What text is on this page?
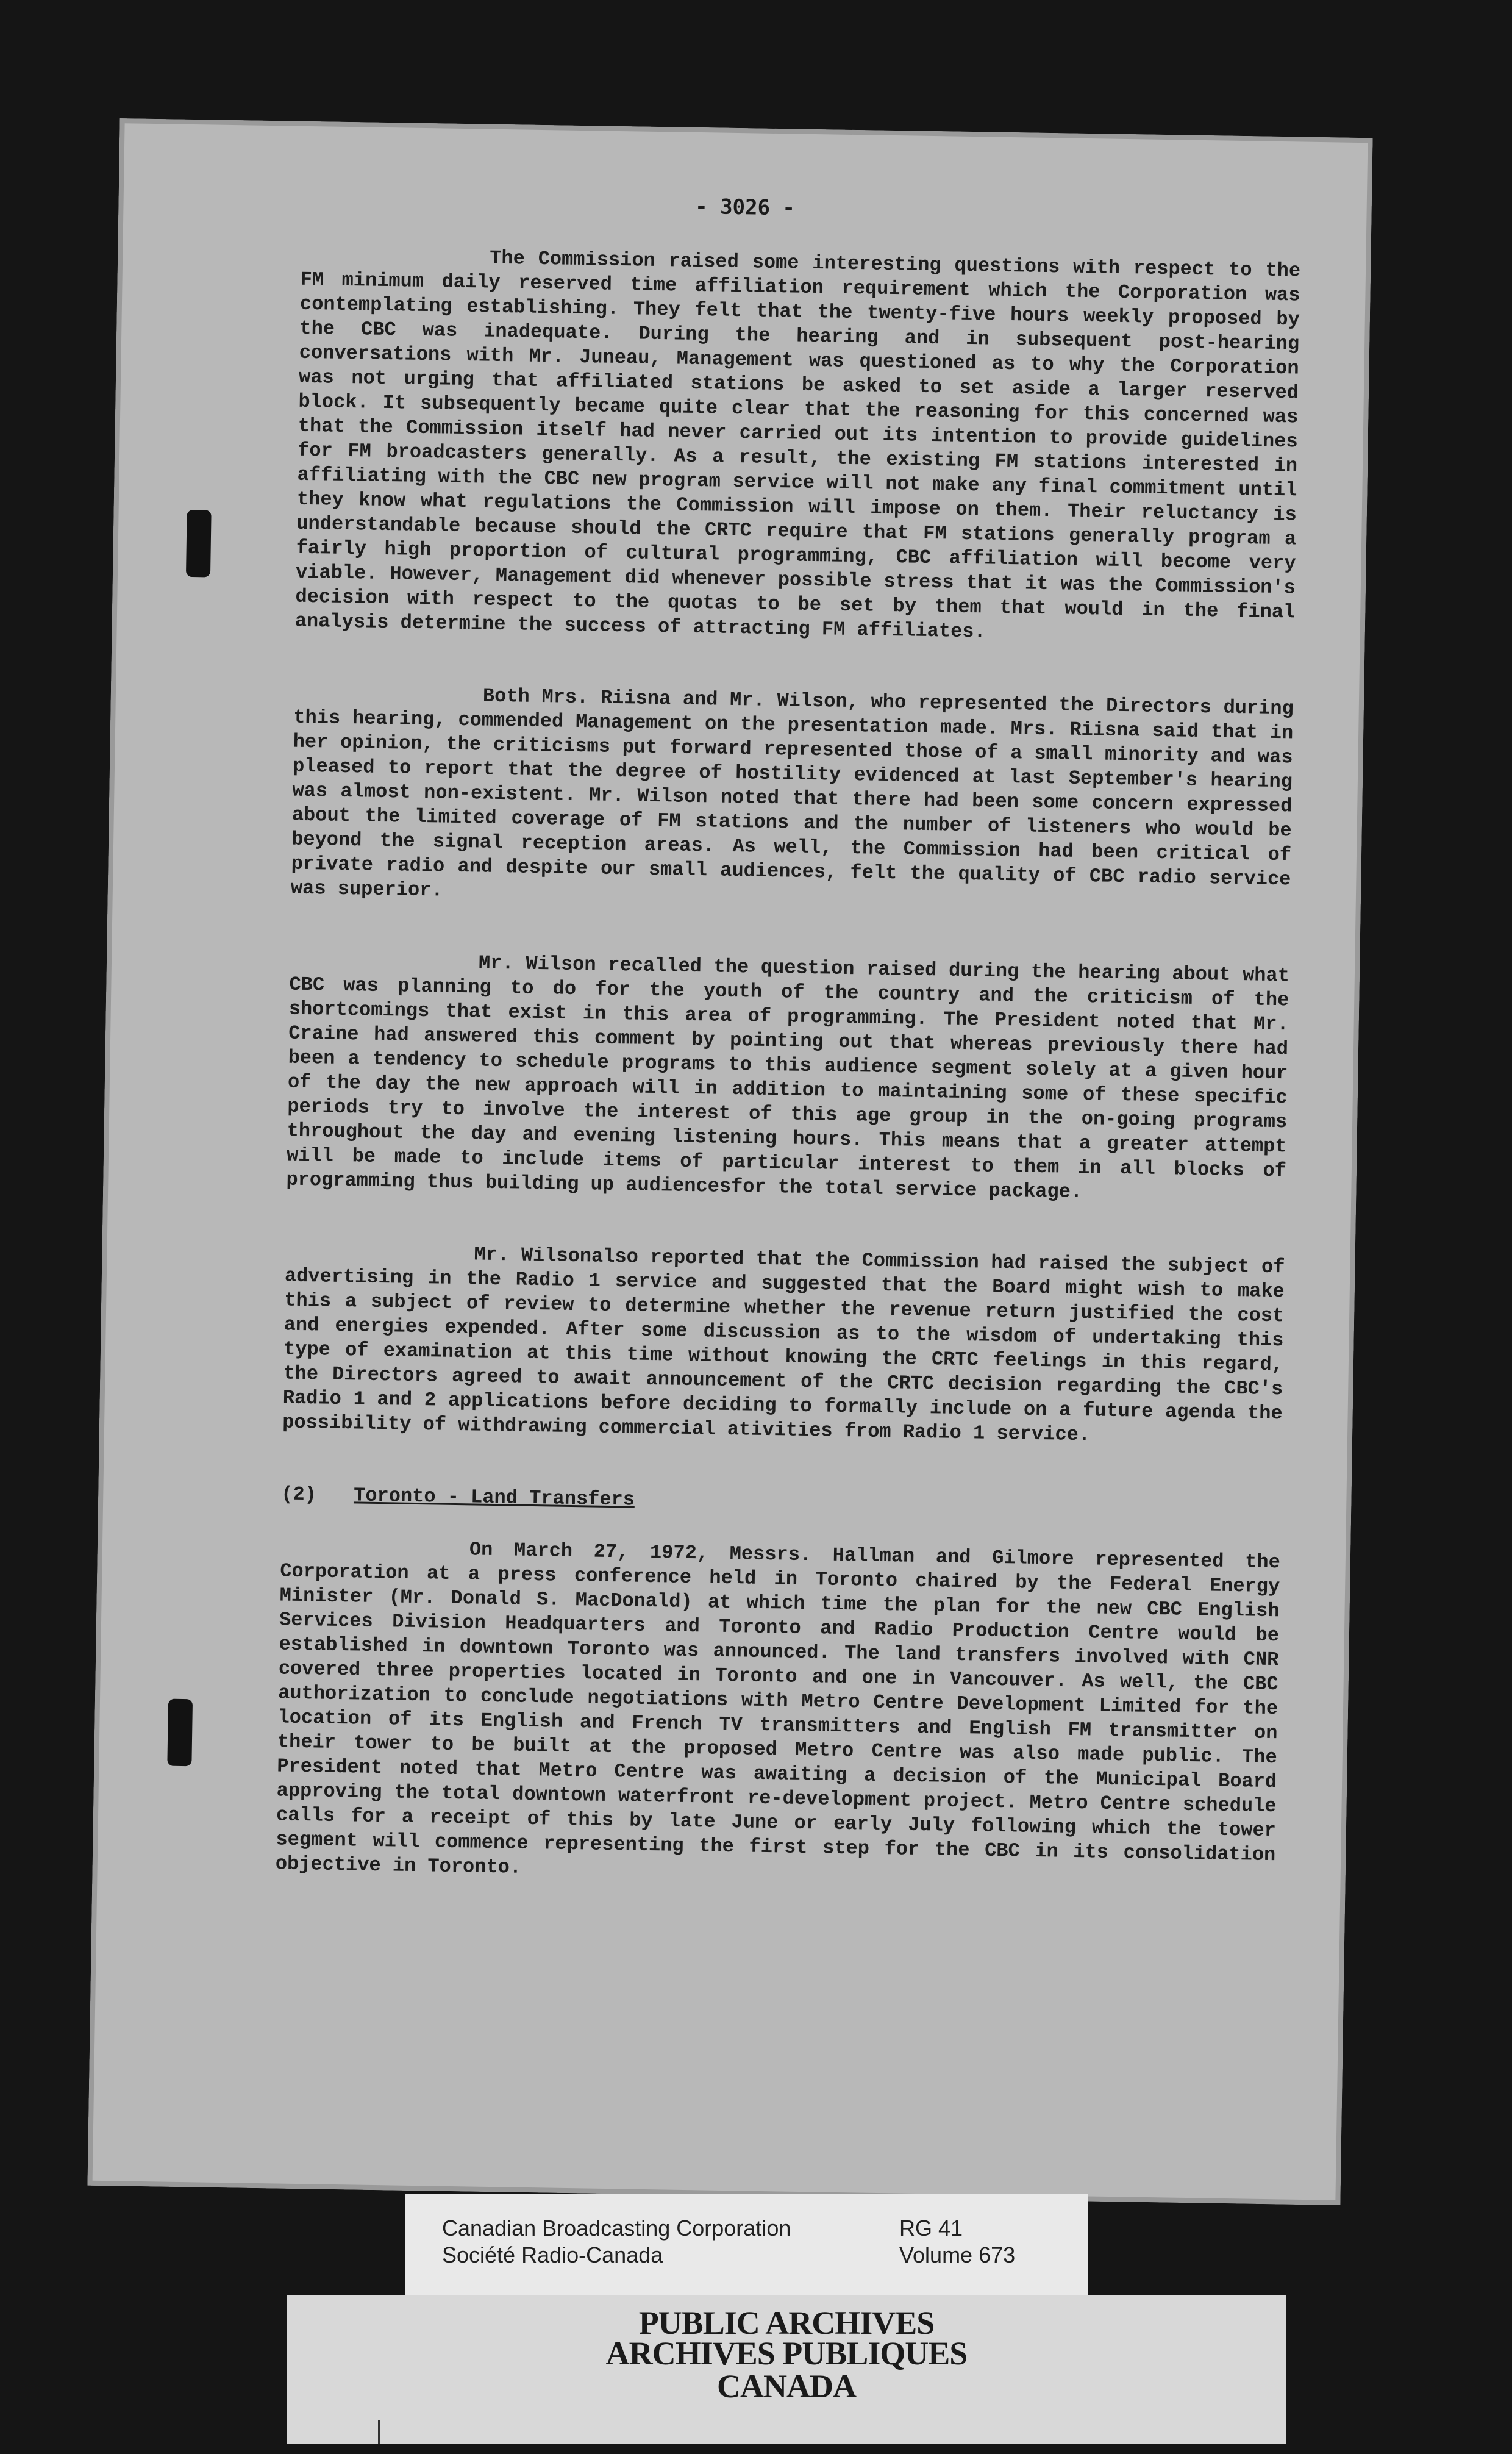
- 3026 -

The Commission raised some interesting questions with respect to the FM minimum daily reserved time affiliation requirement which the Corporation was contemplating establishing. They felt that the twenty-five hours weekly proposed by the CBC was inadequate. During the hearing and in subsequent post-hearing conversations with Mr. Juneau, Management was questioned as to why the Corporation was not urging that affiliated stations be asked to set aside a larger reserved block. It subsequently became quite clear that the reasoning for this concerned was that the Commission itself had never carried out its intention to provide guidelines for FM broadcasters generally. As a result, the existing FM stations interested in affiliating with the CBC new program service will not make any final commitment until they know what regulations the Commission will impose on them. Their reluctancy is understandable because should the CRTC require that FM stations generally program a fairly high proportion of cultural programming, CBC affiliation will become very viable. However, Management did whenever possible stress that it was the Commission's decision with respect to the quotas to be set by them that would in the final analysis determine the success of attracting FM affiliates.

Both Mrs. Riisna and Mr. Wilson, who represented the Directors during this hearing, commended Management on the presentation made. Mrs. Riisna said that in her opinion, the criticisms put forward represented those of a small minority and was pleased to report that the degree of hostility evidenced at last September's hearing was almost non-existent. Mr. Wilson noted that there had been some concern expressed about the limited coverage of FM stations and the number of listeners who would be beyond the signal reception areas. As well, the Commission had been critical of private radio and despite our small audiences, felt the quality of CBC radio service was superior.

Mr. Wilson recalled the question raised during the hearing about what CBC was planning to do for the youth of the country and the criticism of the shortcomings that exist in this area of programming. The President noted that Mr. Craine had answered this comment by pointing out that whereas previously there had been a tendency to schedule programs to this audience segment solely at a given hour of the day the new approach will in addition to maintaining some of these specific periods try to involve the interest of this age group in the on-going programs throughout the day and evening listening hours. This means that a greater attempt will be made to include items of particular interest to them in all blocks of programming thus building up audiencesfor the total service package.

Mr. Wilsonalso reported that the Commission had raised the subject of advertising in the Radio 1 service and suggested that the Board might wish to make this a subject of review to determine whether the revenue return justified the cost and energies expended. After some discussion as to the wisdom of undertaking this type of examination at this time without knowing the CRTC feelings in this regard, the Directors agreed to await announcement of the CRTC decision regarding the CBC's Radio 1 and 2 applications before deciding to formally include on a future agenda the possibility of withdrawing commercial ativities from Radio 1 service.

(2) Toronto - Land Transfers

On March 27, 1972, Messrs. Hallman and Gilmore represented the Corporation at a press conference held in Toronto chaired by the Federal Energy Minister (Mr. Donald S. MacDonald) at which time the plan for the new CBC English Services Division Headquarters and Toronto and Radio Production Centre would be established in downtown Toronto was announced. The land transfers involved with CNR covered three properties located in Toronto and one in Vancouver. As well, the CBC authorization to conclude negotiations with Metro Centre Development Limited for the location of its English and French TV transmitters and English FM transmitter on their tower to be built at the proposed Metro Centre was also made public. The President noted that Metro Centre was awaiting a decision of the Municipal Board approving the total downtown waterfront re-development project. Metro Centre schedule calls for a receipt of this by late June or early July following which the tower segment will commence representing the first step for the CBC in its consolidation objective in Toronto.

Canadian Broadcasting Corporation
Société Radio-Canada
RG 41
Volume 673
PUBLIC ARCHIVES
ARCHIVES PUBLIQUES
CANADA
